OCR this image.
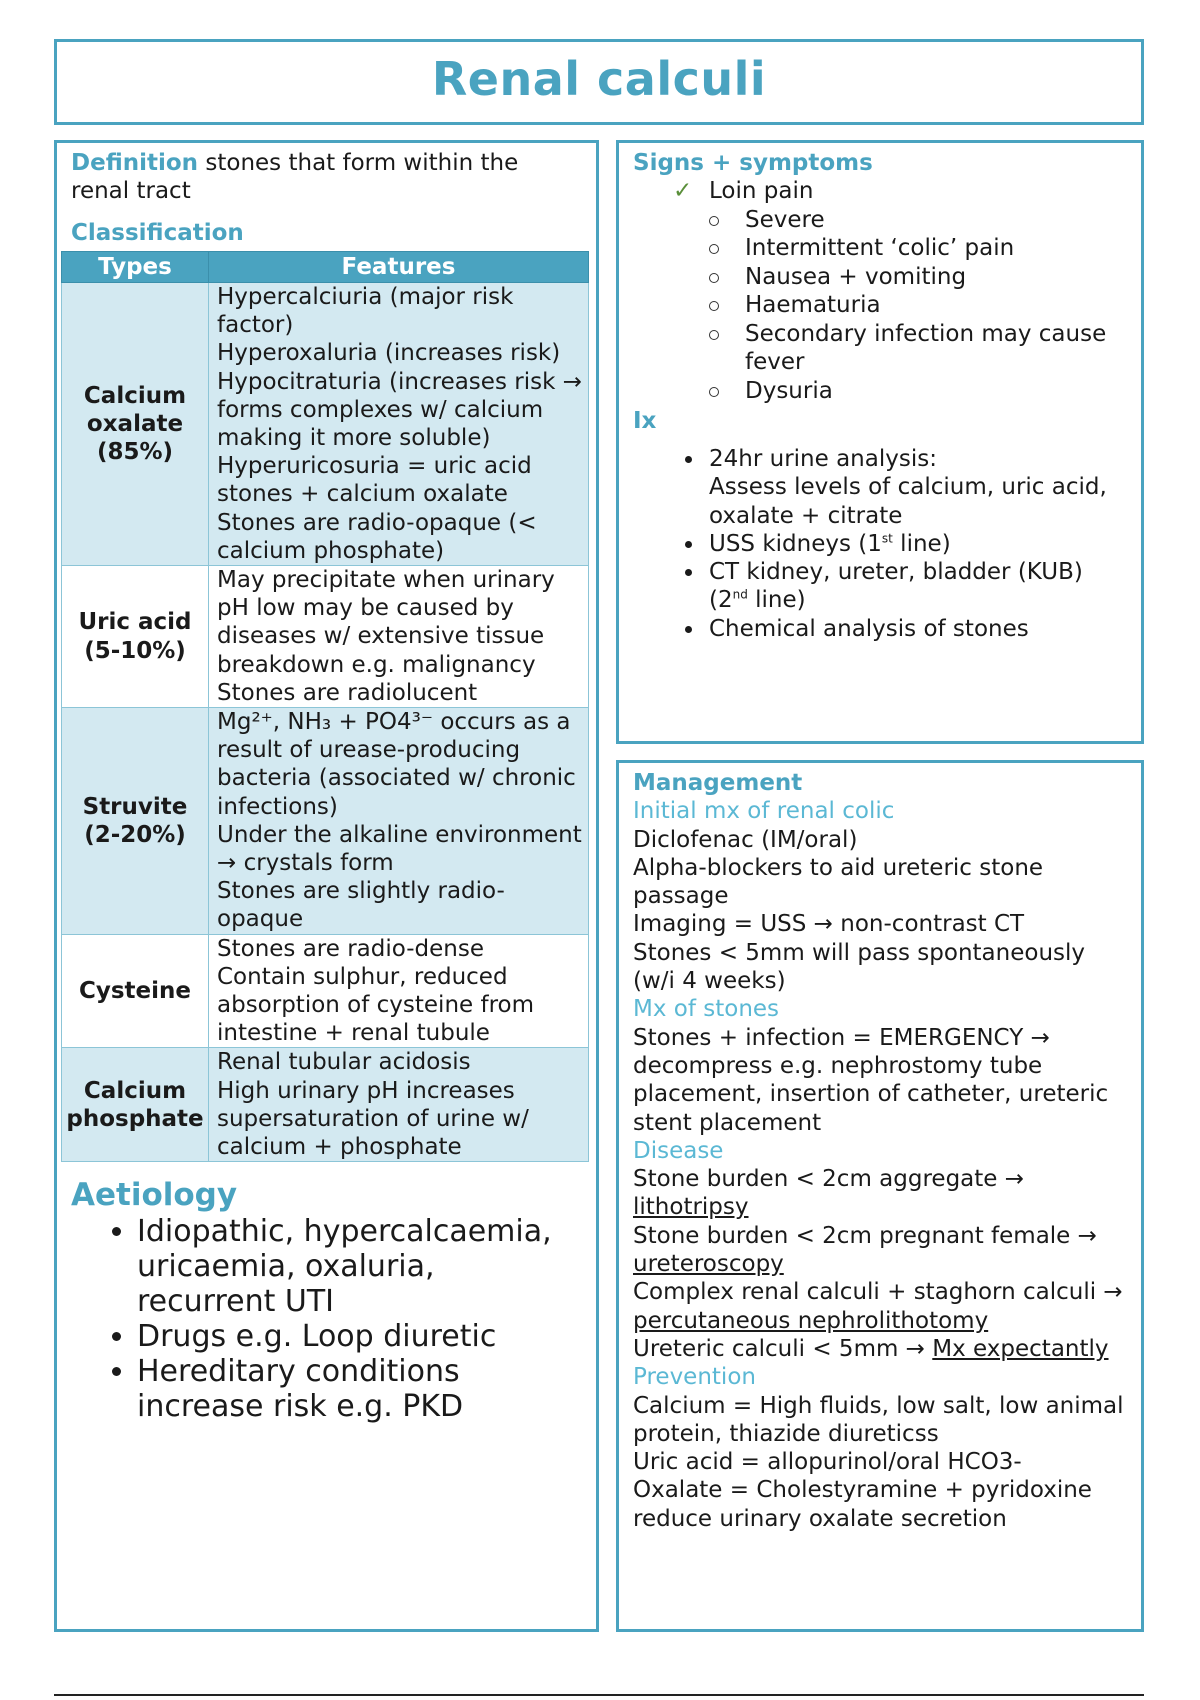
Renal calculi

Definition stones that form within the renal tract

Classification

Types	Features
Calcium oxalate (85%)	Hypercalciuria (major risk factor)
Hyperoxaluria (increases risk)
Hypocitraturia (increases risk → forms complexes w/ calcium making it more soluble)
Hyperuricosuria = uric acid stones + calcium oxalate
Stones are radio-opaque (< calcium phosphate)

Uric acid (5-10%)	May precipitate when urinary pH low may be caused by diseases w/ extensive tissue breakdown e.g. malignancy
Stones are radiolucent

Struvite (2-20%)	Mg²⁺, NH₃ + PO4³⁻ occurs as a result of urease-producing bacteria (associated w/ chronic infections)
Under the alkaline environment → crystals form
Stones are slightly radio-opaque

Cysteine	Stones are radio-dense
Contain sulphur, reduced absorption of cysteine from intestine + renal tubule

Calcium phosphate	Renal tubular acidosis
High urinary pH increases supersaturation of urine w/ calcium + phosphate

Aetiology

• Idiopathic, hypercalcaemia, uricaemia, oxaluria, recurrent UTI
• Drugs e.g. Loop diuretic
• Hereditary conditions increase risk e.g. PKD

Signs + symptoms

✓ Loin pain
Severe
Intermittent ‘colic’ pain
Nausea + vomiting
Haematuria
Secondary infection may cause fever
Dysuria

Ix

• 24hr urine analysis:
Assess levels of calcium, uric acid, oxalate + citrate
• USS kidneys (1st line)
• CT kidney, ureter, bladder (KUB) (2nd line)
• Chemical analysis of stones

Management

Initial mx of renal colic

Diclofenac (IM/oral)

Alpha-blockers to aid ureteric stone passage

Imaging = USS → non-contrast CT

Stones < 5mm will pass spontaneously (w/i 4 weeks)

Mx of stones

Stones + infection = EMERGENCY → decompress e.g. nephrostomy tube placement, insertion of catheter, ureteric stent placement

Disease

Stone burden < 2cm aggregate → lithotripsy

Stone burden < 2cm pregnant female → ureteroscopy

Complex renal calculi + staghorn calculi → percutaneous nephrolithotomy

Ureteric calculi < 5mm → Mx expectantly

Prevention

Calcium = High fluids, low salt, low animal protein, thiazide diureticss

Uric acid = allopurinol/oral HCO3-

Oxalate = Cholestyramine + pyridoxine reduce urinary oxalate secretion
